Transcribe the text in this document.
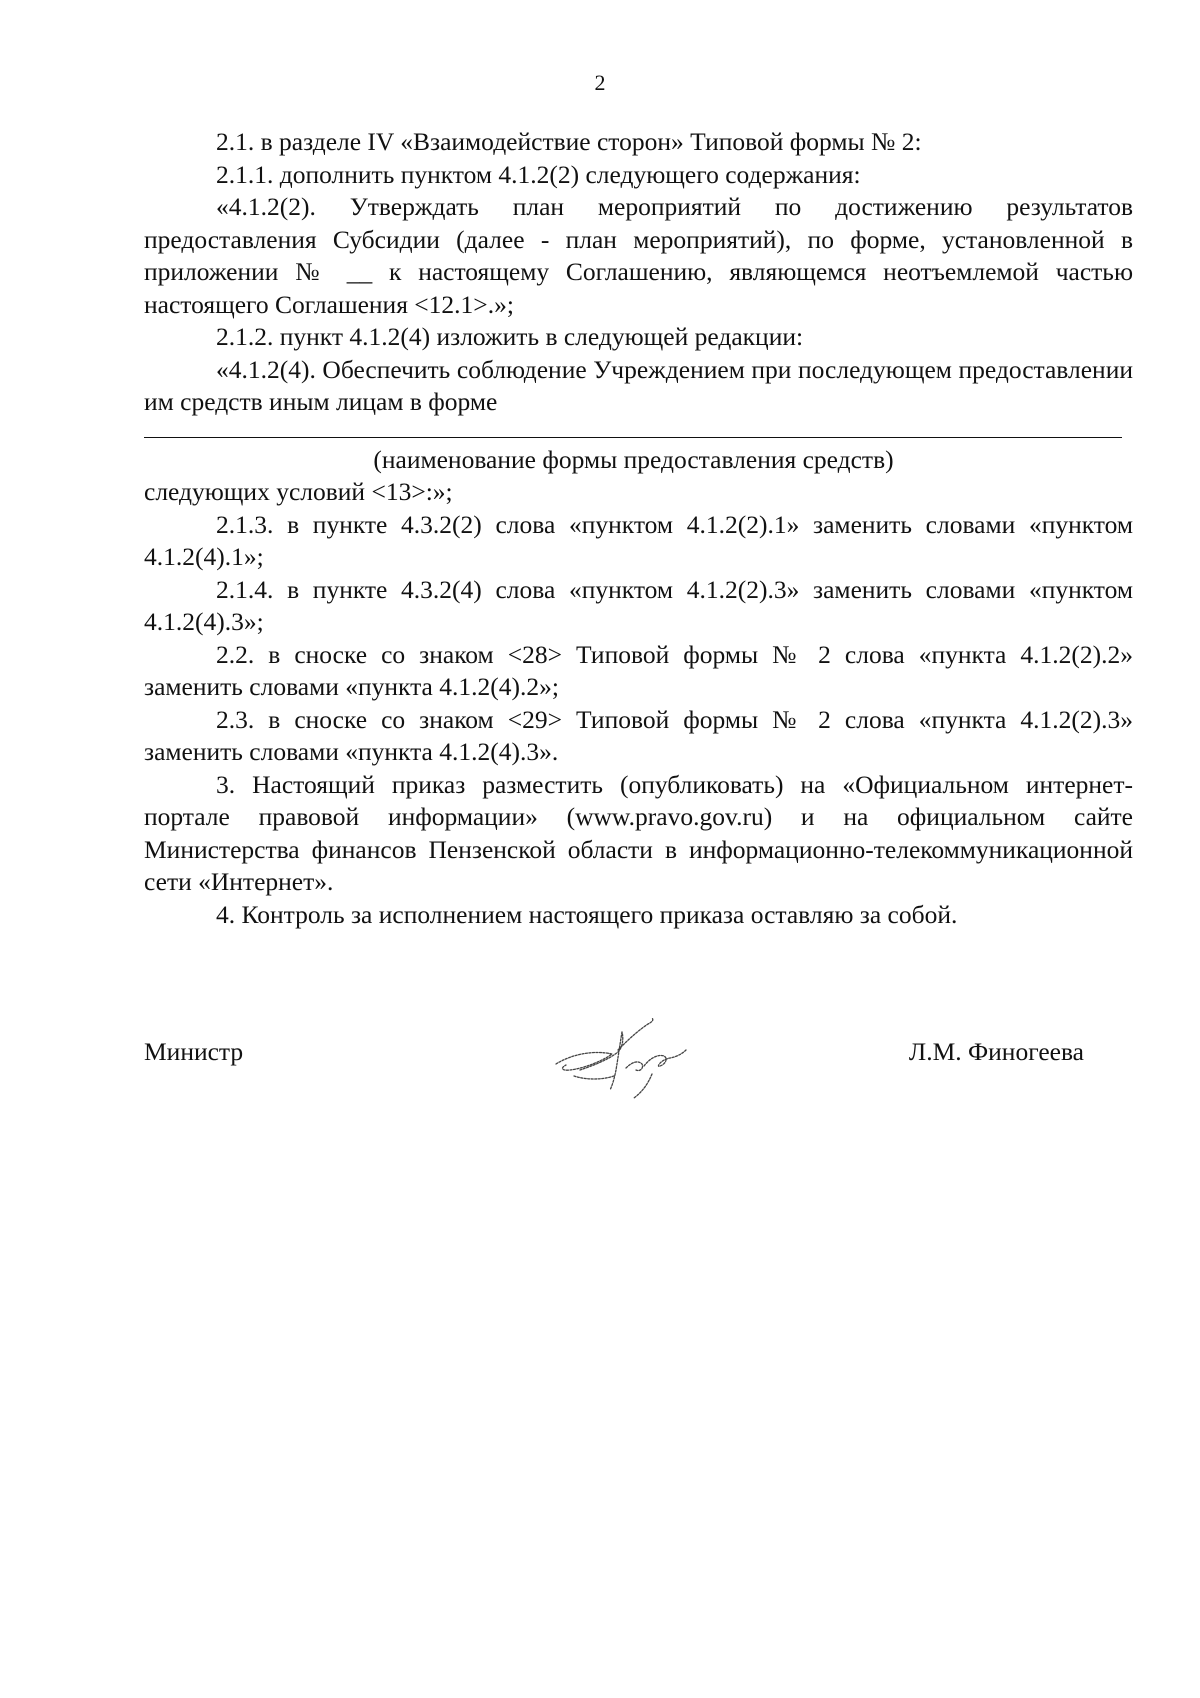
2

2.1. в разделе IV «Взаимодействие сторон» Типовой формы № 2:

2.1.1. дополнить пунктом 4.1.2(2) следующего содержания:

«4.1.2(2). Утверждать план мероприятий по достижению результатов предоставления Субсидии (далее - план мероприятий), по форме, установленной в приложении № __ к настоящему Соглашению, являющемся неотъемлемой частью настоящего Соглашения <12.1>.»;

2.1.2. пункт 4.1.2(4) изложить в следующей редакции:

«4.1.2(4). Обеспечить соблюдение Учреждением при последующем предоставлении им средств иным лицам в форме

(наименование формы предоставления средств)

следующих условий <13>:»;

2.1.3. в пункте 4.3.2(2) слова «пунктом 4.1.2(2).1» заменить словами «пунктом 4.1.2(4).1»;

2.1.4. в пункте 4.3.2(4) слова «пунктом 4.1.2(2).3» заменить словами «пунктом 4.1.2(4).3»;

2.2. в сноске со знаком <28> Типовой формы № 2 слова «пункта 4.1.2(2).2» заменить словами «пункта 4.1.2(4).2»;

2.3. в сноске со знаком <29> Типовой формы № 2 слова «пункта 4.1.2(2).3» заменить словами «пункта 4.1.2(4).3».

3. Настоящий приказ разместить (опубликовать) на «Официальном интернет-портале правовой информации» (www.pravo.gov.ru) и на официальном сайте Министерства финансов Пензенской области в информационно-телекоммуникационной сети «Интернет».

4. Контроль за исполнением настоящего приказа оставляю за собой.

Министр	Л.М. Финогеева
